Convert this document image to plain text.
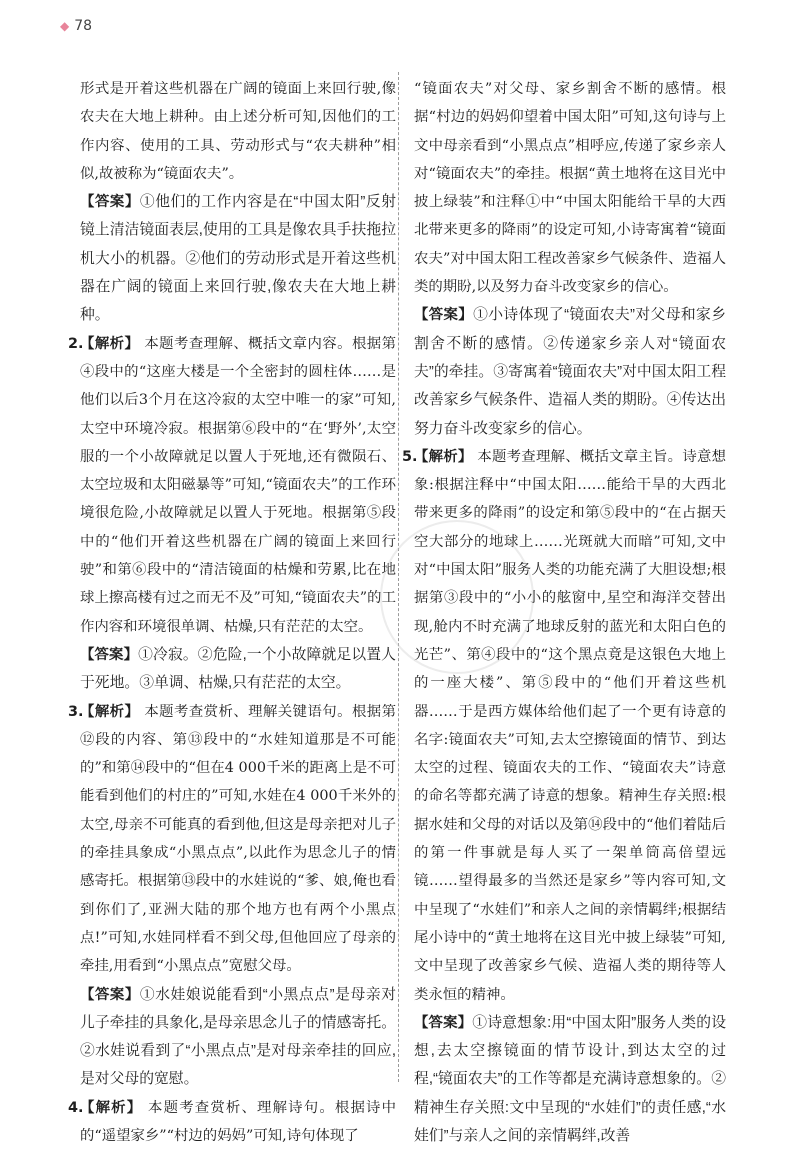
◆ 78

形式是开着这些机器在广阔的镜面上来回行驶,像农夫在大地上耕种。由上述分析可知,因他们的工作内容、使用的工具、劳动形式与“农夫耕种”相似,故被称为“镜面农夫”。

【答案】①他们的工作内容是在“中国太阳”反射镜上清洁镜面表层,使用的工具是像农具手扶拖拉机大小的机器。②他们的劳动形式是开着这些机器在广阔的镜面上来回行驶,像农夫在大地上耕种。

2.
【解析】 本题考查理解、概括文章内容。根据第④段中的“这座大楼是一个全密封的圆柱体……是他们以后3个月在这冷寂的太空中唯一的家”可知,太空中环境冷寂。根据第⑥段中的“在‘野外’,太空服的一个小故障就足以置人于死地,还有微陨石、太空垃圾和太阳磁暴等”可知,“镜面农夫”的工作环境很危险,小故障就足以置人于死地。根据第⑤段中的“他们开着这些机器在广阔的镜面上来回行驶”和第⑥段中的“清洁镜面的枯燥和劳累,比在地球上擦高楼有过之而无不及”可知,“镜面农夫”的工作内容和环境很单调、枯燥,只有茫茫的太空。

【答案】①冷寂。②危险,一个小故障就足以置人于死地。③单调、枯燥,只有茫茫的太空。

3.
【解析】 本题考查赏析、理解关键语句。根据第⑫段的内容、第⑬段中的“水娃知道那是不可能的”和第⑭段中的“但在4 000千米的距离上是不可能看到他们的村庄的”可知,水娃在4 000千米外的太空,母亲不可能真的看到他,但这是母亲把对儿子的牵挂具象成“小黑点点”,以此作为思念儿子的情感寄托。根据第⑬段中的水娃说的“爹、娘,俺也看到你们了,亚洲大陆的那个地方也有两个小黑点点!”可知,水娃同样看不到父母,但他回应了母亲的牵挂,用看到“小黑点点”宽慰父母。

【答案】①水娃娘说能看到“小黑点点”是母亲对儿子牵挂的具象化,是母亲思念儿子的情感寄托。②水娃说看到了“小黑点点”是对母亲牵挂的回应,是对父母的宽慰。

4.
【解析】 本题考查赏析、理解诗句。根据诗中的“遥望家乡”“村边的妈妈”可知,诗句体现了

“镜面农夫”对父母、家乡割舍不断的感情。根据“村边的妈妈仰望着中国太阳”可知,这句诗与上文中母亲看到“小黑点点”相呼应,传递了家乡亲人对“镜面农夫”的牵挂。根据“黄土地将在这目光中披上绿装”和注释①中“中国太阳能给干旱的大西北带来更多的降雨”的设定可知,小诗寄寓着“镜面农夫”对中国太阳工程改善家乡气候条件、造福人类的期盼,以及努力奋斗改变家乡的信心。

【答案】①小诗体现了“镜面农夫”对父母和家乡割舍不断的感情。②传递家乡亲人对“镜面农夫”的牵挂。③寄寓着“镜面农夫”对中国太阳工程改善家乡气候条件、造福人类的期盼。④传达出努力奋斗改变家乡的信心。

5.
【解析】 本题考查理解、概括文章主旨。诗意想象:根据注释中“中国太阳……能给干旱的大西北带来更多的降雨”的设定和第⑤段中的“在占据天空大部分的地球上……光斑就大而暗”可知,文中对“中国太阳”服务人类的功能充满了大胆设想;根据第③段中的“小小的舷窗中,星空和海洋交替出现,舱内不时充满了地球反射的蓝光和太阳白色的光芒”、第④段中的“这个黑点竟是这银色大地上的一座大楼”、第⑤段中的“他们开着这些机器……于是西方媒体给他们起了一个更有诗意的名字:镜面农夫”可知,去太空擦镜面的情节、到达太空的过程、镜面农夫的工作、“镜面农夫”诗意的命名等都充满了诗意的想象。精神生存关照:根据水娃和父母的对话以及第⑭段中的“他们着陆后的第一件事就是每人买了一架单筒高倍望远镜……望得最多的当然还是家乡”等内容可知,文中呈现了“水娃们”和亲人之间的亲情羁绊;根据结尾小诗中的“黄土地将在这目光中披上绿装”可知,文中呈现了改善家乡气候、造福人类的期待等人类永恒的精神。

【答案】①诗意想象:用“中国太阳”服务人类的设想,去太空擦镜面的情节设计,到达太空的过程,“镜面农夫”的工作等都是充满诗意想象的。②精神生存关照:文中呈现的“水娃们”的责任感,“水娃们”与亲人之间的亲情羁绊,改善
